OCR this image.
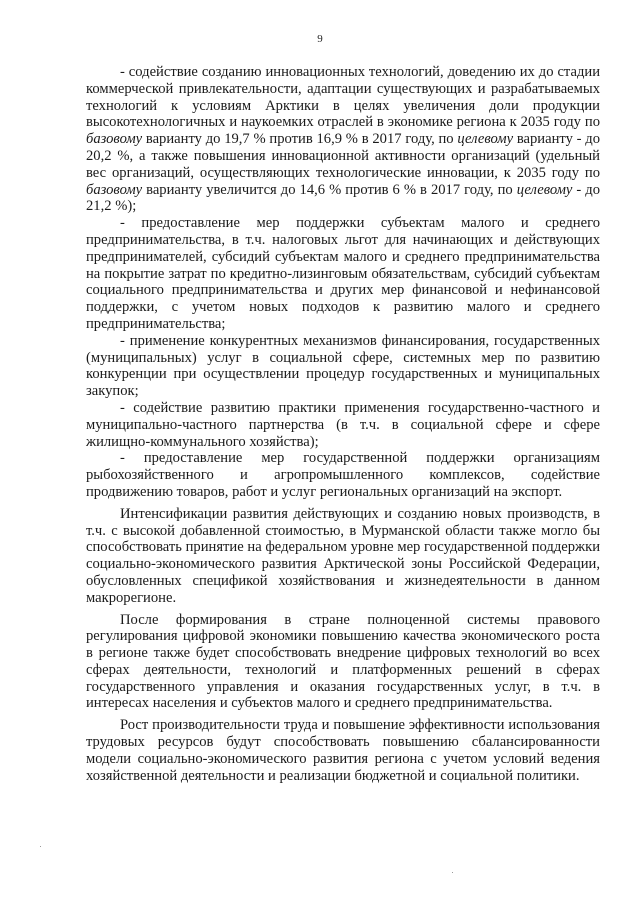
9

- содействие созданию инновационных технологий, доведению их до стадии коммерческой привлекательности, адаптации существующих и разрабатываемых технологий к условиям Арктики в целях увеличения доли продукции высокотехнологичных и наукоемких отраслей в экономике региона к 2035 году по базовому варианту до 19,7 % против 16,9 % в 2017 году, по целевому варианту - до 20,2 %, а также повышения инновационной активности организаций (удельный вес организаций, осуществляющих технологические инновации, к 2035 году по базовому варианту увеличится до 14,6 % против 6 % в 2017 году, по целевому - до 21,2 %);

- предоставление мер поддержки субъектам малого и среднего предпринимательства, в т.ч. налоговых льгот для начинающих и действующих предпринимателей, субсидий субъектам малого и среднего предпринимательства на покрытие затрат по кредитно-лизинговым обязательствам, субсидий субъектам социального предпринимательства и других мер финансовой и нефинансовой поддержки, с учетом новых подходов к развитию малого и среднего предпринимательства;

- применение конкурентных механизмов финансирования, государственных (муниципальных) услуг в социальной сфере, системных мер по развитию конкуренции при осуществлении процедур государственных и муниципальных закупок;

- содействие развитию практики применения государственно-частного и муниципально-частного партнерства (в т.ч. в социальной сфере и сфере жилищно-коммунального хозяйства);

- предоставление мер государственной поддержки организациям рыбохозяйственного и агропромышленного комплексов, содействие продвижению товаров, работ и услуг региональных организаций на экспорт.

Интенсификации развития действующих и созданию новых производств, в т.ч. с высокой добавленной стоимостью, в Мурманской области также могло бы способствовать принятие на федеральном уровне мер государственной поддержки социально-экономического развития Арктической зоны Российской Федерации, обусловленных спецификой хозяйствования и жизнедеятельности в данном макрорегионе.

После формирования в стране полноценной системы правового регулирования цифровой экономики повышению качества экономического роста в регионе также будет способствовать внедрение цифровых технологий во всех сферах деятельности, технологий и платформенных решений в сферах государственного управления и оказания государственных услуг, в т.ч. в интересах населения и субъектов малого и среднего предпринимательства.

Рост производительности труда и повышение эффективности использования трудовых ресурсов будут способствовать повышению сбалансированности модели социально-экономического развития региона с учетом условий ведения хозяйственной деятельности и реализации бюджетной и социальной политики.
